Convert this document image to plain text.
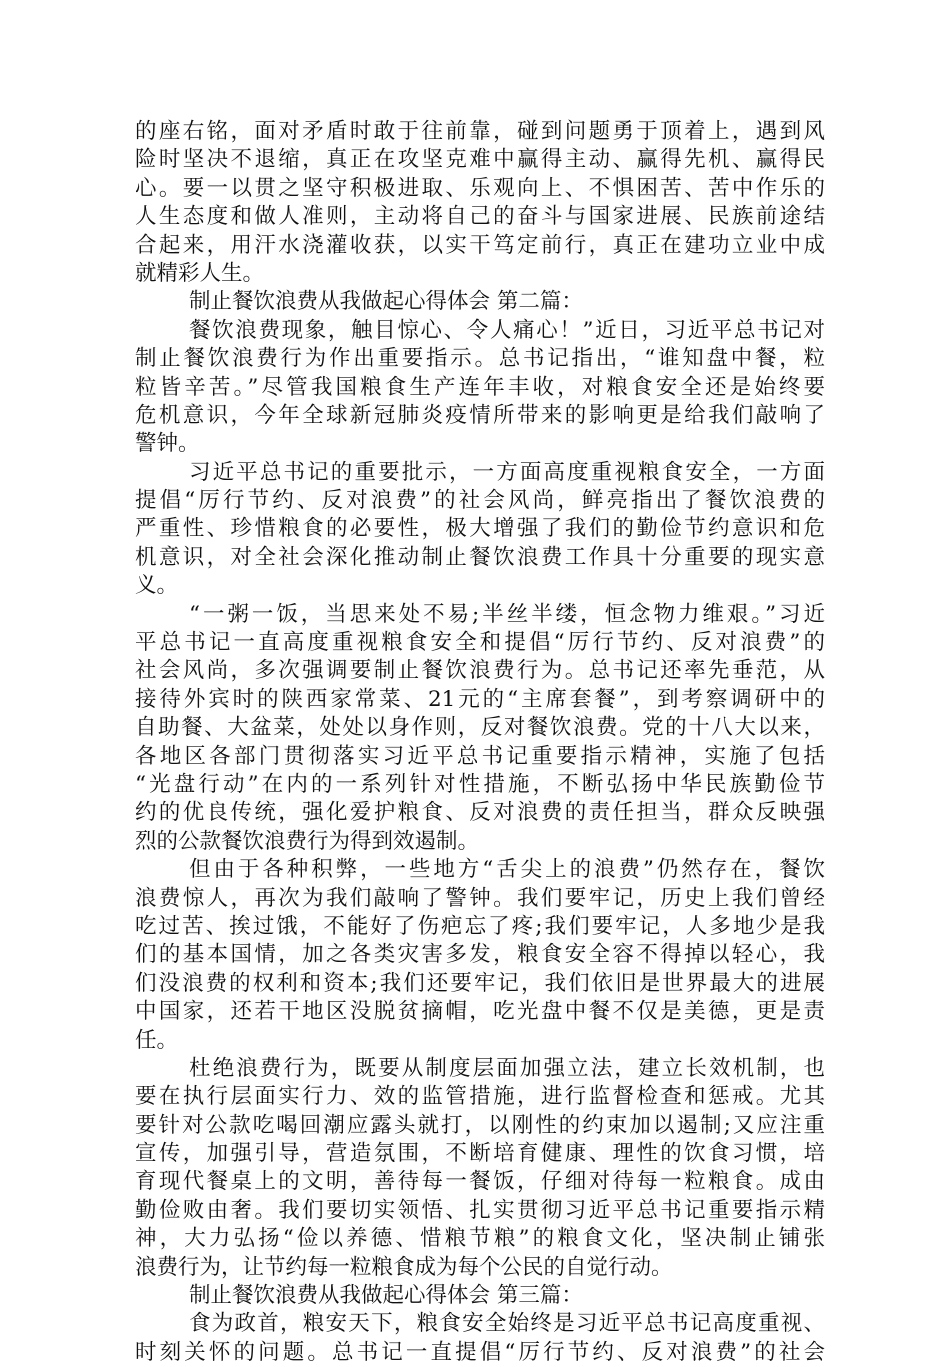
的座右铭，面对矛盾时敢于往前靠，碰到问题勇于顶着上，遇到风
险时坚决不退缩，真正在攻坚克难中赢得主动、赢得先机、赢得民
心。要一以贯之坚守积极进取、乐观向上、不惧困苦、苦中作乐的
人生态度和做人准则，主动将自己的奋斗与国家进展、民族前途结
合起来，用汗水浇灌收获，以实干笃定前行，真正在建功立业中成
就精彩人生。
制止餐饮浪费从我做起心得体会 第二篇：
餐饮浪费现象，触目惊心、令人痛心！”近日，习近平总书记对
制止餐饮浪费行为作出重要指示。总书记指出，“谁知盘中餐，粒
粒皆辛苦。”尽管我国粮食生产连年丰收，对粮食安全还是始终要
危机意识，今年全球新冠肺炎疫情所带来的影响更是给我们敲响了
警钟。
习近平总书记的重要批示，一方面高度重视粮食安全，一方面
提倡“厉行节约、反对浪费”的社会风尚，鲜亮指出了餐饮浪费的
严重性、珍惜粮食的必要性，极大增强了我们的勤俭节约意识和危
机意识，对全社会深化推动制止餐饮浪费工作具十分重要的现实意
义。
“一粥一饭，当思来处不易;半丝半缕，恒念物力维艰。”习近
平总书记一直高度重视粮食安全和提倡“厉行节约、反对浪费”的
社会风尚，多次强调要制止餐饮浪费行为。总书记还率先垂范，从
接待外宾时的陕西家常菜、21元的“主席套餐”，到考察调研中的
自助餐、大盆菜，处处以身作则，反对餐饮浪费。党的十八大以来，
各地区各部门贯彻落实习近平总书记重要指示精神，实施了包括
“光盘行动”在内的一系列针对性措施，不断弘扬中华民族勤俭节
约的优良传统，强化爱护粮食、反对浪费的责任担当，群众反映强
烈的公款餐饮浪费行为得到效遏制。
但由于各种积弊，一些地方“舌尖上的浪费”仍然存在，餐饮
浪费惊人，再次为我们敲响了警钟。我们要牢记，历史上我们曾经
吃过苦、挨过饿，不能好了伤疤忘了疼;我们要牢记，人多地少是我
们的基本国情，加之各类灾害多发，粮食安全容不得掉以轻心，我
们没浪费的权利和资本;我们还要牢记，我们依旧是世界最大的进展
中国家，还若干地区没脱贫摘帽，吃光盘中餐不仅是美德，更是责
任。
杜绝浪费行为，既要从制度层面加强立法，建立长效机制，也
要在执行层面实行力、效的监管措施，进行监督检查和惩戒。尤其
要针对公款吃喝回潮应露头就打，以刚性的约束加以遏制;又应注重
宣传，加强引导，营造氛围，不断培育健康、理性的饮食习惯，培
育现代餐桌上的文明，善待每一餐饭，仔细对待每一粒粮食。成由
勤俭败由奢。我们要切实领悟、扎实贯彻习近平总书记重要指示精
神，大力弘扬“俭以养德、惜粮节粮”的粮食文化，坚决制止铺张
浪费行为，让节约每一粒粮食成为每个公民的自觉行动。
制止餐饮浪费从我做起心得体会 第三篇：
食为政首，粮安天下，粮食安全始终是习近平总书记高度重视、
时刻关怀的问题。总书记一直提倡“厉行节约、反对浪费”的社会
